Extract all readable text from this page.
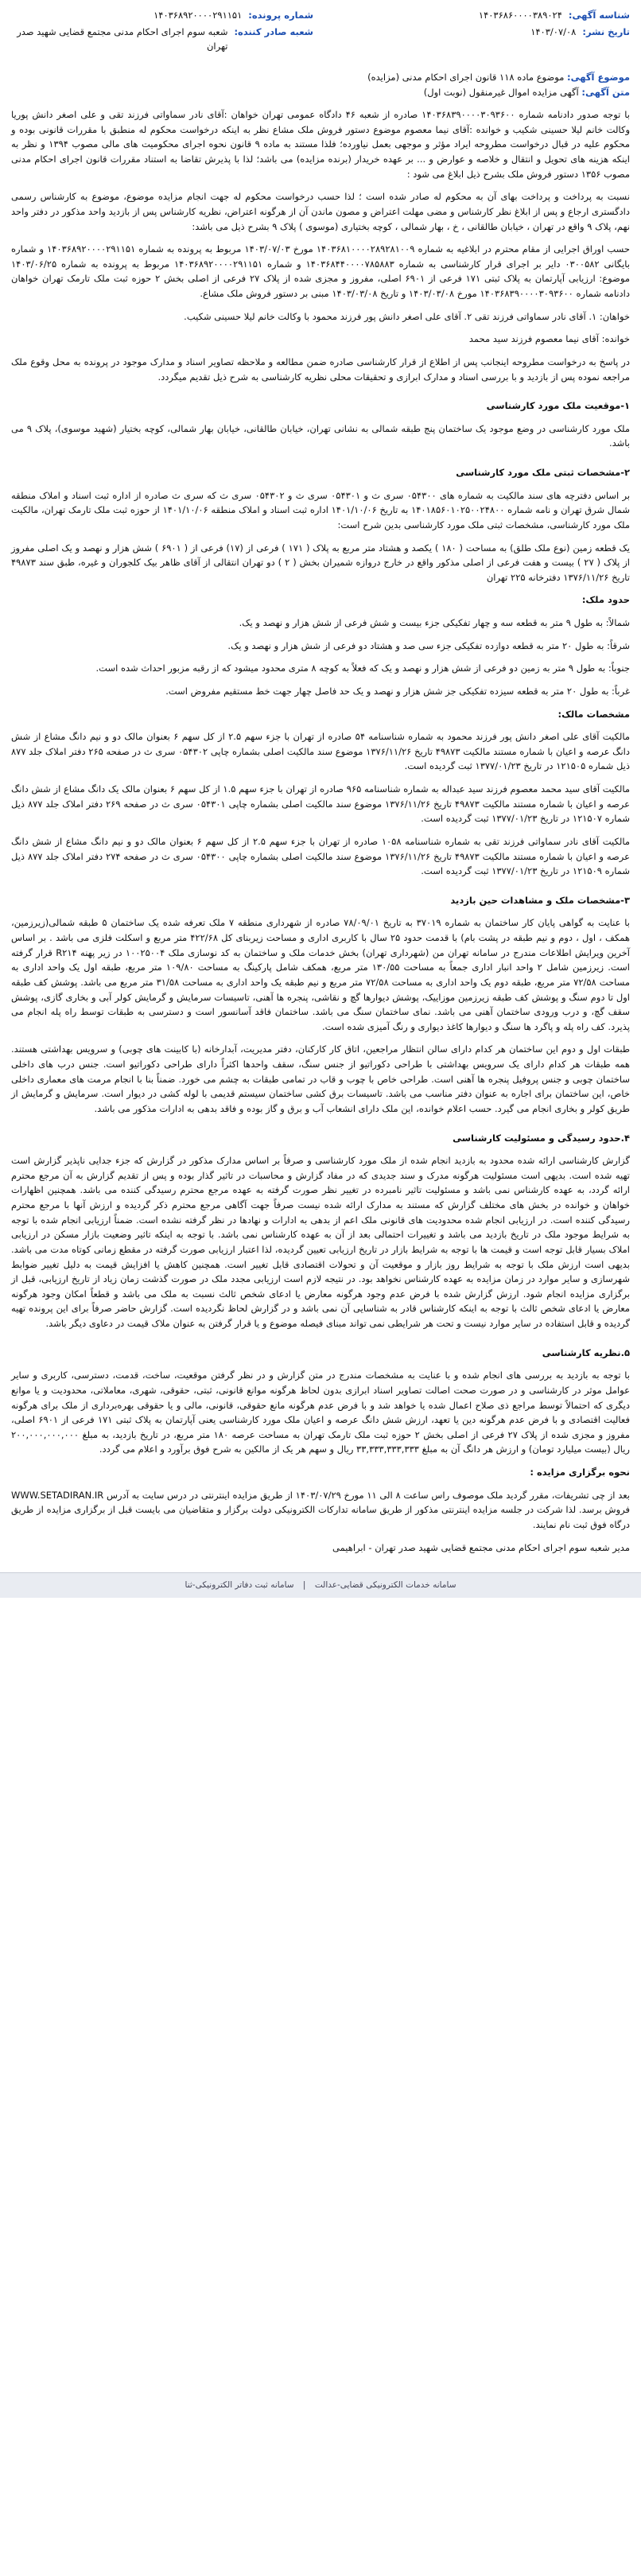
شناسه آگهی:
۱۴۰۳۶۸۶۰۰۰۰۳۸۹۰۲۴
تاریخ نشر:
۱۴۰۳/۰۷/۰۸
شماره پرونده:
۱۴۰۳۶۸۹۲۰۰۰۰۲۹۱۱۵۱
شعبه صادر کننده:
شعبه سوم اجرای احکام مدنی مجتمع قضایی شهید صدر تهران
موضوع آگهی: موضوع ماده ۱۱۸ قانون اجرای احکام مدنی (مزایده)
متن آگهی: آگهی مزایده اموال غیرمنقول (نوبت اول)

با توجه صدور دادنامه شماره ۱۴۰۳۶۸۳۹۰۰۰۰۳۰۹۳۶۰۰ صادره از شعبه ۴۶ دادگاه عمومی تهران خواهان :آقای نادر سماواتی فرزند تقی و علی اصغر دانش پوریا وکالت خانم لیلا حسینی شکیب و خوانده :آقای نیما معصوم موضوع دستور فروش ملک مشاع نظر به اینکه درخواست محکوم له منطبق با مقررات قانونی بوده و محکوم علیه در قبال درخواست مطروحه ایراد مؤثر و موجهی بعمل نیاورده؛ فلذا مستند به ماده ۹ قانون نحوه اجرای محکومیت های مالی مصوب ۱۳۹۴ و نظر به اینکه هزینه های تحویل و انتقال و خلاصه و عوارض و ... بر عهده خریدار (برنده مزایده) می باشد؛ لذا با پذیرش تقاضا به استناد مقررات قانون اجرای احکام مدنی مصوب ۱۳۵۶ دستور فروش ملک بشرح ذیل ابلاغ می شود :

نسبت به پرداخت و پرداخت بهای آن به محکوم له صادر شده است ؛ لذا حسب درخواست محکوم له جهت انجام مزایده موضوع، موضوع به کارشناس رسمی دادگستری ارجاع و پس از ابلاغ نظر کارشناس و مضی مهلت اعتراض و مصون ماندن آن از هرگونه اعتراض، نظریه کارشناس پس از بازدید واحد مذکور در دفتر واحد نهم، پلاک ۹ واقع در تهران ، خیابان طالقانی ، خ ، بهار شمالی ، کوچه بختیاری (موسوی ) پلاک ۹ بشرح ذیل می باشد:

حسب اوراق اجرایی از مقام محترم در ابلاغیه به شماره ۱۴۰۳۶۸۱۰۰۰۰۲۸۹۲۸۱۰۰۹ مورخ ۱۴۰۳/۰۷/۰۳ مربوط به پرونده به شماره ۱۴۰۳۶۸۹۲۰۰۰۰۲۹۱۱۵۱ و شماره بایگانی ۰۳۰۰۵۸۲ دایر بر اجرای قرار کارشناسی به شماره ۱۴۰۳۶۸۴۴۰۰۰۰۷۸۵۸۸۳ و شماره ۱۴۰۳۶۸۹۲۰۰۰۰۲۹۱۱۵۱ مربوط به پرونده به شماره ۱۴۰۳/۰۶/۲۵ موضوع: ارزیابی آپارتمان به پلاک ثبتی ۱۷۱ فرعی از ۶۹۰۱ اصلی، مفروز و مجزی شده از پلاک ۲۷ فرعی از اصلی بخش ۲ حوزه ثبت ملک تارمک تهران خواهان دادنامه شماره ۱۴۰۳۶۸۳۹۰۰۰۰۳۰۹۳۶۰۰ مورخ ۱۴۰۳/۰۳/۰۸ و تاریخ ۱۴۰۳/۰۳/۰۸ مبنی بر دستور فروش ملک مشاع.

خواهان: ۱. آقای نادر سماواتی فرزند تقی ۲. آقای علی اصغر دانش پور فرزند محمود با وکالت خانم لیلا حسینی شکیب.

خوانده: آقای نیما معصوم فرزند سید محمد

در پاسخ به درخواست مطروحه اینجانب پس از اطلاع از قرار کارشناسی صادره ضمن مطالعه و ملاحظه تصاویر اسناد و مدارک موجود در پرونده به محل وقوع ملک مراجعه نموده پس از بازدید و با بررسی اسناد و مدارک ابرازی و تحقیقات محلی نظریه کارشناسی به شرح ذیل تقدیم میگردد.

۱-موقعیت ملک مورد کارشناسی

ملک مورد کارشناسی در وضع موجود یک ساختمان پنج طبقه شمالی به نشانی تهران، خیابان طالقانی، خیابان بهار شمالی، کوچه بختیار (شهید موسوی)، پلاک ۹ می باشد.

۲-مشخصات ثبتی ملک مورد کارشناسی

بر اساس دفترچه های سند مالکیت به شماره های ۰۵۴۳۰۰ سری ث و ۰۵۴۳۰۱ سری ث و ۰۵۴۳۰۲ سری ث که سری ث صادره از اداره ثبت اسناد و املاک منطقه شمال شرق تهران و نامه شماره ۱۴۰۱۸۵۶۰۱۰۲۵۰۰۲۴۸۰۰ به تاریخ ۱۴۰۱/۱۰/۰۶ اداره ثبت اسناد و املاک منطقه ۱۴۰۱/۱۰/۰۶ از حوزه ثبت ملک تارمک تهران، مالکیت ملک مورد کارشناسی، مشخصات ثبتی ملک مورد کارشناسی بدین شرح است:

یک قطعه زمین (نوع ملک طلق) به مساحت ( ۱۸۰ ) یکصد و هشتاد متر مربع به پلاک ( ۱۷۱ ) فرعی از (۱۷) فرعی از ( ۶۹۰۱ ) شش هزار و نهصد و یک اصلی مفروز از پلاک ( ۲۷ ) بیست و هفت فرعی از اصلی مذکور واقع در خارج دروازه شمیران بخش ( ۲ ) دو تهران انتقالی از آقای ظاهر بیک کلجوران و غیره، طبق سند ۴۹۸۷۳ تاریخ ۱۳۷۶/۱۱/۲۶ دفترخانه ۲۲۵ تهران

حدود ملک:

شمالاً: به طول ۹ متر به قطعه سه و چهار تفکیکی جزء بیست و شش فرعی از شش هزار و نهصد و یک.

شرقاً: به طول ۲۰ متر به قطعه دوازده تفکیکی جزء سی صد و هشتاد دو فرعی از شش هزار و نهصد و یک.

جنوباً: به طول ۹ متر به زمین دو فرعی از شش هزار و نهصد و یک که فعلاً به کوچه ۸ متری محدود میشود که از رقبه مزبور احداث شده است.

غرباً: به طول ۲۰ متر به قطعه سیزده تفکیکی جز شش هزار و نهصد و یک حد فاصل چهار جهت خط مستقیم مفروض است.

مشخصات مالک:

مالکیت آقای علی اصغر دانش پور فرزند محمود به شماره شناسنامه ۵۴ صادره از تهران با جزء سهم ۲.۵ از کل سهم ۶ بعنوان مالک دو و نیم دانگ مشاع از شش دانگ عرصه و اعیان با شماره مستند مالکیت ۴۹۸۷۳ تاریخ ۱۳۷۶/۱۱/۲۶ موضوع سند مالکیت اصلی بشماره چاپی ۰۵۴۳۰۲ سری ث در صفحه ۲۶۵ دفتر املاک جلد ۸۷۷ ذیل شماره ۱۲۱۵۰۵ در تاریخ ۱۳۷۷/۰۱/۲۳ ثبت گردیده است.

مالکیت آقای سید محمد معصوم فرزند سید عبداله به شماره شناسنامه ۹۶۵ صادره از تهران با جزء سهم ۱.۵ از کل سهم ۶ بعنوان مالک یک دانگ مشاع از شش دانگ عرصه و اعیان با شماره مستند مالکیت ۴۹۸۷۳ تاریخ ۱۳۷۶/۱۱/۲۶ موضوع سند مالکیت اصلی بشماره چاپی ۰۵۴۳۰۱ سری ث در صفحه ۲۶۹ دفتر املاک جلد ۸۷۷ ذیل شماره ۱۲۱۵۰۷ در تاریخ ۱۳۷۷/۰۱/۲۳ ثبت گردیده است.

مالکیت آقای نادر سماواتی فرزند تقی به شماره شناسنامه ۱۰۵۸ صادره از تهران با جزء سهم ۲.۵ از کل سهم ۶ بعنوان مالک دو و نیم دانگ مشاع از شش دانگ عرصه و اعیان با شماره مستند مالکیت ۴۹۸۷۳ تاریخ ۱۳۷۶/۱۱/۲۶ موضوع سند مالکیت اصلی بشماره چاپی ۰۵۴۳۰۰ سری ث در صفحه ۲۷۴ دفتر املاک جلد ۸۷۷ ذیل شماره ۱۲۱۵۰۹ در تاریخ ۱۳۷۷/۰۱/۲۳ ثبت گردیده است.

۳-مشخصات ملک و مشاهدات حین بازدید

با عنایت به گواهی پایان کار ساختمان به شماره ۳۷۰۱۹ به تاریخ ۷۸/۰۹/۰۱ صادره از شهرداری منطقه ۷ ملک تعرفه شده یک ساختمان ۵ طبقه شمالی(زیرزمین، همکف ، اول ، دوم و نیم طبقه در پشت بام) با قدمت حدود ۲۵ سال با کاربری اداری و مساحت زیربنای کل ۴۲۲/۶۸ متر مربع و اسکلت فلزی می باشد . بر اساس آخرین ویرایش اطلاعات مندرج در سامانه تهران من (شهرداری تهران) بخش خدمات ملک و ساختمان به کد نوسازی ملک ۱۰۰۲۵۰۰۴ در زیر پهنه R۲۱۴ قرار گرفته است. زیرزمین شامل ۲ واحد انبار اداری جمعاً به مساحت ۱۳۰/۵۵ متر مربع، همکف شامل پارکینگ به مساحت ۱۰۹/۸۰ متر مربع، طبقه اول یک واحد اداری به مساحت ۷۲/۵۸ متر مربع، طبقه دوم یک واحد اداری به مساحت ۷۲/۵۸ متر مربع و نیم طبقه یک واحد اداری به مساحت ۳۱/۵۸ متر مربع می باشد. پوشش کف طبقه اول تا دوم سنگ و پوشش کف طبقه زیرزمین موزاییک، پوشش دیوارها گچ و نقاشی، پنجره ها آهنی، تاسیسات سرمایش و گرمایش کولر آبی و بخاری گازی، پوشش سقف گچ، و درب ورودی ساختمان آهنی می باشد. نمای ساختمان سنگ می باشد. ساختمان فاقد آسانسور است و دسترسی به طبقات توسط راه پله انجام می پذیرد. کف راه پله و پاگرد ها سنگ و دیوارها کاغذ دیواری و رنگ آمیزی شده است.

طبقات اول و دوم این ساختمان هر کدام دارای سالن انتظار مراجعین، اتاق کار کارکنان، دفتر مدیریت، آبدارخانه (با کابینت های چوبی) و سرویس بهداشتی هستند. همه طبقات هر کدام دارای یک سرویس بهداشتی با طراحی دکوراتیو از جنس سنگ، سقف واحدها اکثراً دارای طراحی دکوراتیو است. جنس درب های داخلی ساختمان چوبی و جنس پروفیل پنجره ها آهنی است. طراحی خاص با چوب و قاب در تمامی طبقات به چشم می خورد. ضمناً بنا با انجام مرمت های معماری داخلی خاص، این ساختمان برای اجاره به عنوان دفتر مناسب می باشد. تاسیسات برق کشی ساختمان سیستم قدیمی با لوله کشی در دیوار است. سرمایش و گرمایش از طریق کولر و بخاری انجام می گیرد. حسب اعلام خوانده، این ملک دارای انشعاب آب و برق و گاز بوده و فاقد بدهی به ادارات مذکور می باشد.

۴.حدود رسیدگی و مسئولیت کارشناسی

گزارش کارشناسی ارائه شده محدود به بازدید انجام شده از ملک مورد کارشناسی و صرفاً بر اساس مدارک مذکور در گزارش که جزء جدایی ناپذیر گزارش است تهیه شده است. بدیهی است مسئولیت هرگونه مدرک و سند جدیدی که در مفاد گزارش و محاسبات در تاثیر گذار بوده و پس از تقدیم گزارش به آن مرجع محترم ارائه گردد، به عهده کارشناس نمی باشد و مسئولیت تاثیر نامبرده در تغییر نظر صورت گرفته به عهده مرجع محترم رسیدگی کننده می باشد. همچنین اظهارات خواهان و خوانده در بخش های مختلف گزارش که مستند به مدارک ارائه شده نیست صرفاً جهت آگاهی مرجع محترم ذکر گردیده و ارزش آنها با مرجع محترم رسیدگی کننده است. در ارزیابی انجام شده محدودیت های قانونی ملک اعم از بدهی به ادارات و نهادها در نظر گرفته نشده است. ضمناً ارزیابی انجام شده با توجه به شرایط موجود ملک در تاریخ بازدید می باشد و تغییرات احتمالی بعد از آن به عهده کارشناس نمی باشد. با توجه به اینکه تاثیر وضعیت بازار مسکن در ارزیابی املاک بسیار قابل توجه است و قیمت ها با توجه به شرایط بازار در تاریخ ارزیابی تعیین گردیده، لذا اعتبار ارزیابی صورت گرفته در مقطع زمانی کوتاه مدت می باشد. بدیهی است ارزش ملک با توجه به شرایط روز بازار و موقعیت آن و تحولات اقتصادی قابل تغییر است. همچنین کاهش یا افزایش قیمت به دلیل تغییر ضوابط شهرسازی و سایر موارد در زمان مزایده به عهده کارشناس نخواهد بود. در نتیجه لازم است ارزیابی مجدد ملک در صورت گذشت زمان زیاد از تاریخ ارزیابی، قبل از برگزاری مزایده انجام شود. ارزش گزارش شده با فرض عدم وجود هرگونه معارض یا ادعای شخص ثالث نسبت به ملک می باشد و قطعاً امکان وجود هرگونه معارض یا ادعای شخص ثالث با توجه به اینکه کارشناس قادر به شناسایی آن نمی باشد و در گزارش لحاظ نگردیده است. گزارش حاضر صرفاً برای این پرونده تهیه گردیده و قابل استفاده در سایر موارد نیست و تحت هر شرایطی نمی تواند مبنای فیصله موضوع و یا قرار گرفتن به عنوان ملاک قیمت در دعاوی دیگر باشد.

۵.نظریه کارشناسی

با توجه به بازدید به بررسی های انجام شده و با عنایت به مشخصات مندرج در متن گزارش و در نظر گرفتن موقعیت، ساخت، قدمت، دسترسی، کاربری و سایر عوامل موثر در کارشناسی و در صورت صحت اصالت تصاویر اسناد ابرازی بدون لحاظ هرگونه موانع قانونی، ثبتی، حقوقی، شهری، معاملاتی، محدودیت و یا موانع دیگری که احتمالاً توسط مراجع ذی صلاح اعمال شده یا خواهد شد و با فرض عدم هرگونه مانع حقوقی، قانونی، مالی و یا حقوقی بهره‌برداری از ملک برای هرگونه فعالیت اقتصادی و با فرض عدم هرگونه دین یا تعهد، ارزش شش دانگ عرصه و اعیان ملک مورد کارشناسی یعنی آپارتمان به پلاک ثبتی ۱۷۱ فرعی از ۶۹۰۱ اصلی، مفروز و مجزی شده از پلاک ۲۷ فرعی از اصلی بخش ۲ حوزه ثبت ملک تارمک تهران به مساحت عرصه ۱۸۰ متر مربع، در تاریخ بازدید، به مبلغ ۲۰۰,۰۰۰,۰۰۰,۰۰۰ ریال (بیست میلیارد تومان) و ارزش هر دانگ آن به مبلغ ۳۳,۳۳۳,۳۳۳,۳۳۳ ریال و سهم هر یک از مالکین به شرح فوق برآورد و اعلام می گردد.

نحوه برگزاری مزایده :

بعد از چی تشریفات، مقرر گردید ملک موصوف راس ساعت ۸ الی ۱۱ مورخ ۱۴۰۳/۰۷/۲۹ از طریق مزایده اینترنتی در درس سایت به آدرس WWW.SETADIRAN.IR فروش برسد. لذا شرکت در جلسه مزایده اینترنتی مذکور از طریق سامانه تدارکات الکترونیکی دولت برگزار و متقاضیان می بایست قبل از برگزاری مزایده از طریق درگاه فوق ثبت نام نمایند.

مدیر شعبه سوم اجرای احکام مدنی مجتمع قضایی شهید صدر تهران - ابراهیمی

سامانه خدمات الکترونیکی قضایی-عدالت | سامانه ثبت دفاتر الکترونیکی-ثنا
